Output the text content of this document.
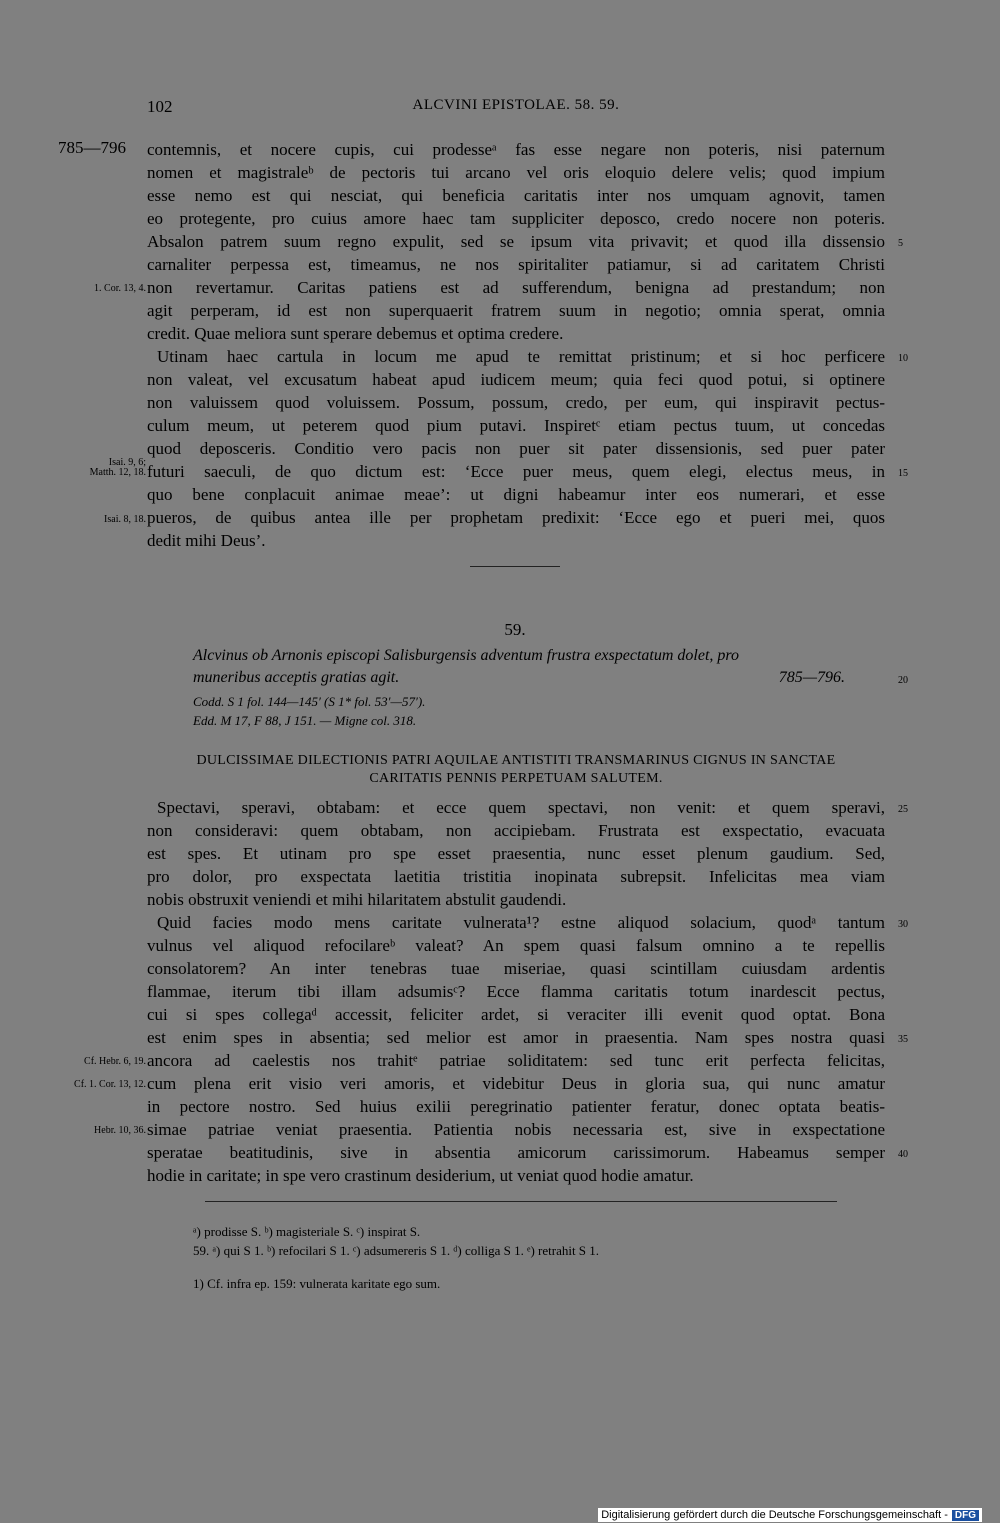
102	ALCVINI EPISTOLAE. 58. 59.
785—796 contemnis, et nocere cupis, cui prodesseᵃ fas esse negare non poteris, nisi paternum
nomen et magistraleᵇ de pectoris tui arcano vel oris eloquio delere velis; quod impium
esse nemo est qui nesciat, qui beneficia caritatis inter nos umquam agnovit, tamen
eo protegente, pro cuius amore haec tam suppliciter deposco, credo nocere non poteris.
Absalon patrem suum regno expulit, sed se ipsum vita privavit; et quod illa dissensio
carnaliter perpessa est, timeamus, ne nos spiritaliter patiamur, si ad caritatem Christi
non revertamur. Caritas patiens est ad sufferendum, benigna ad prestandum; non
agit perperam, id est non superquaerit fratrem suum in negotio; omnia sperat, omnia
credit. Quae meliora sunt sperare debemus et optima credere.
Utinam haec cartula in locum me apud te remittat pristinum; et si hoc perficere
non valeat, vel excusatum habeat apud iudicem meum; quia feci quod potui, si optinere
non valuissem quod voluissem. Possum, possum, credo, per eum, qui inspiravit pectus-
culum meum, ut peterem quod pium putavi. Inspiretᶜ etiam pectus tuum, ut concedas
quod deposceris. Conditio vero pacis non puer sit pater dissensionis, sed puer pater
futuri saeculi, de quo dictum est: ‘Ecce puer meus, quem elegi, electus meus, in
quo bene conplacuit animae meae’: ut digni habeamur inter eos numerari, et esse
pueros, de quibus antea ille per prophetam predixit: ‘Ecce ego et pueri mei, quos
dedit mihi Deus’.
5
10
15
1. Cor. 13, 4.
Isai. 9, 6;
Matth. 12, 18.
Isai. 8, 18.
59.
Alcvinus ob Arnonis episcopi Salisburgensis adventum frustra exspectatum dolet, pro
muneribus acceptis gratias agit.	785—796.	20
Codd. S 1 fol. 144—145′ (S 1* fol. 53′—57′).
Edd. M 17, F 88, J 151. — Migne col. 318.
DULCISSIMAE DILECTIONIS PATRI AQUILAE ANTISTITI TRANSMARINUS CIGNUS IN SANCTAE
CARITATIS PENNIS PERPETUAM SALUTEM.
Spectavi, speravi, obtabam: et ecce quem spectavi, non venit: et quem speravi,
non consideravi: quem obtabam, non accipiebam. Frustrata est exspectatio, evacuata
est spes. Et utinam pro spe esset praesentia, nunc esset plenum gaudium. Sed,
pro dolor, pro exspectata laetitia tristitia inopinata subrepsit. Infelicitas mea viam
nobis obstruxit veniendi et mihi hilaritatem abstulit gaudendi.
Quid facies modo mens caritate vulnerata¹? estne aliquod solacium, quodᵃ tantum
vulnus vel aliquod refocilareᵇ valeat? An spem quasi falsum omnino a te repellis
consolatorem? An inter tenebras tuae miseriae, quasi scintillam cuiusdam ardentis
flammae, iterum tibi illam adsumisᶜ? Ecce flamma caritatis totum inardescit pectus,
cui si spes collegaᵈ accessit, feliciter ardet, si veraciter illi evenit quod optat. Bona
est enim spes in absentia; sed melior est amor in praesentia. Nam spes nostra quasi
ancora ad caelestis nos trahitᵉ patriae soliditatem: sed tunc erit perfecta felicitas,
cum plena erit visio veri amoris, et videbitur Deus in gloria sua, qui nunc amatur
in pectore nostro. Sed huius exilii peregrinatio patienter feratur, donec optata beatis-
simae patriae veniat praesentia. Patientia nobis necessaria est, sive in exspectatione
speratae beatitudinis, sive in absentia amicorum carissimorum. Habeamus semper
hodie in caritate; in spe vero crastinum desiderium, ut veniat quod hodie amatur.
25
30
35
40
Cf. Hebr. 6, 19.
Cf. 1. Cor. 13, 12.
Hebr. 10, 36.
ᵃ) prodisse S. ᵇ) magisteriale S. ᶜ) inspirat S.
59. ᵃ) qui S 1. ᵇ) refocilari S 1. ᶜ) adsumereris S 1. ᵈ) colliga S 1. ᵉ) retrahit S 1.
1) Cf. infra ep. 159: vulnerata karitate ego sum.
Digitalisierung gefördert durch die Deutsche Forschungsgemeinschaft - DFG
